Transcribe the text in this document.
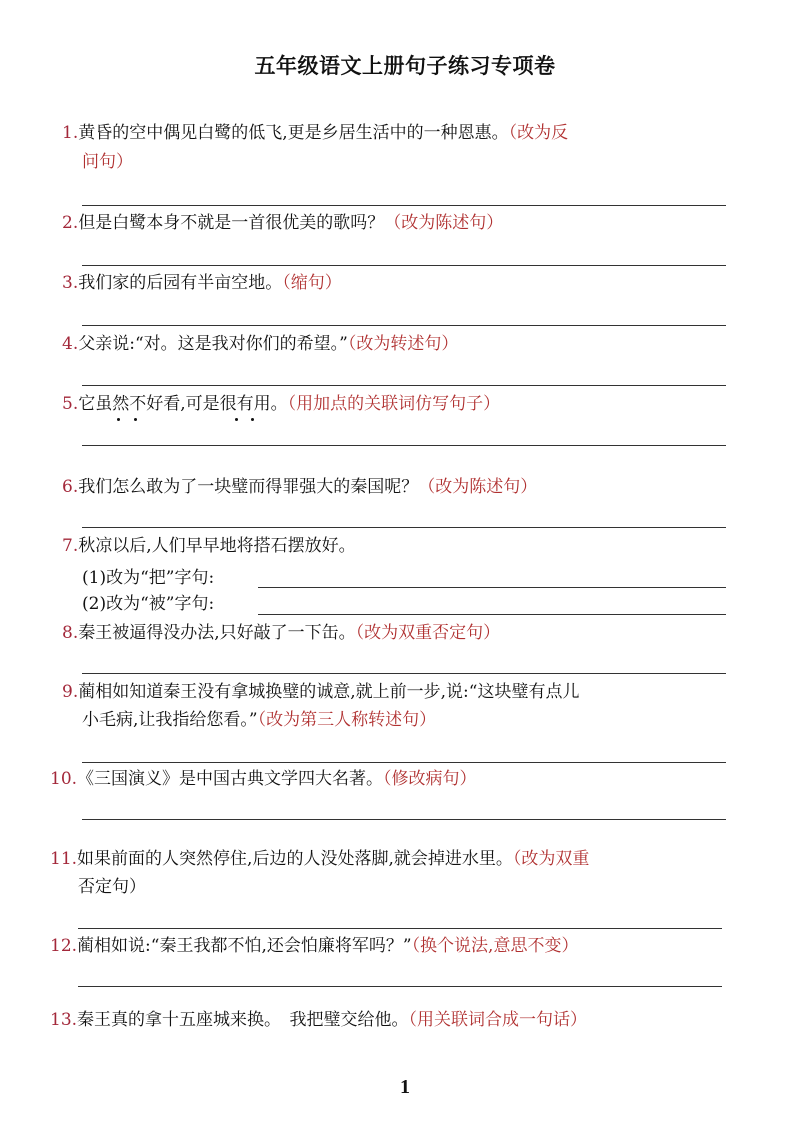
五年级语文上册句子练习专项卷
1.黄昏的空中偶见白鹭的低飞,更是乡居生活中的一种恩惠。（改为反
问句）
2.但是白鹭本身不就是一首很优美的歌吗？（改为陈述句）
3.我们家的后园有半亩空地。（缩句）
4.父亲说:“对。这是我对你们的希望。”（改为转述句）
5.它虽然不好看,可是很有用。（用加点的关联词仿写句子）
6.我们怎么敢为了一块璧而得罪强大的秦国呢？（改为陈述句）
7.秋凉以后,人们早早地将搭石摆放好。
(1)改为“把”字句:
(2)改为“被”字句:
8.秦王被逼得没办法,只好敲了一下缶。（改为双重否定句）
9.蔺相如知道秦王没有拿城换璧的诚意,就上前一步,说:“这块璧有点儿
小毛病,让我指给您看。”（改为第三人称转述句）
10.《三国演义》是中国古典文学四大名著。（修改病句）
11.如果前面的人突然停住,后边的人没处落脚,就会掉进水里。（改为双重
否定句）
12.蔺相如说:“秦王我都不怕,还会怕廉将军吗？”（换个说法,意思不变）
13.秦王真的拿十五座城来换。　我把璧交给他。（用关联词合成一句话）
1
